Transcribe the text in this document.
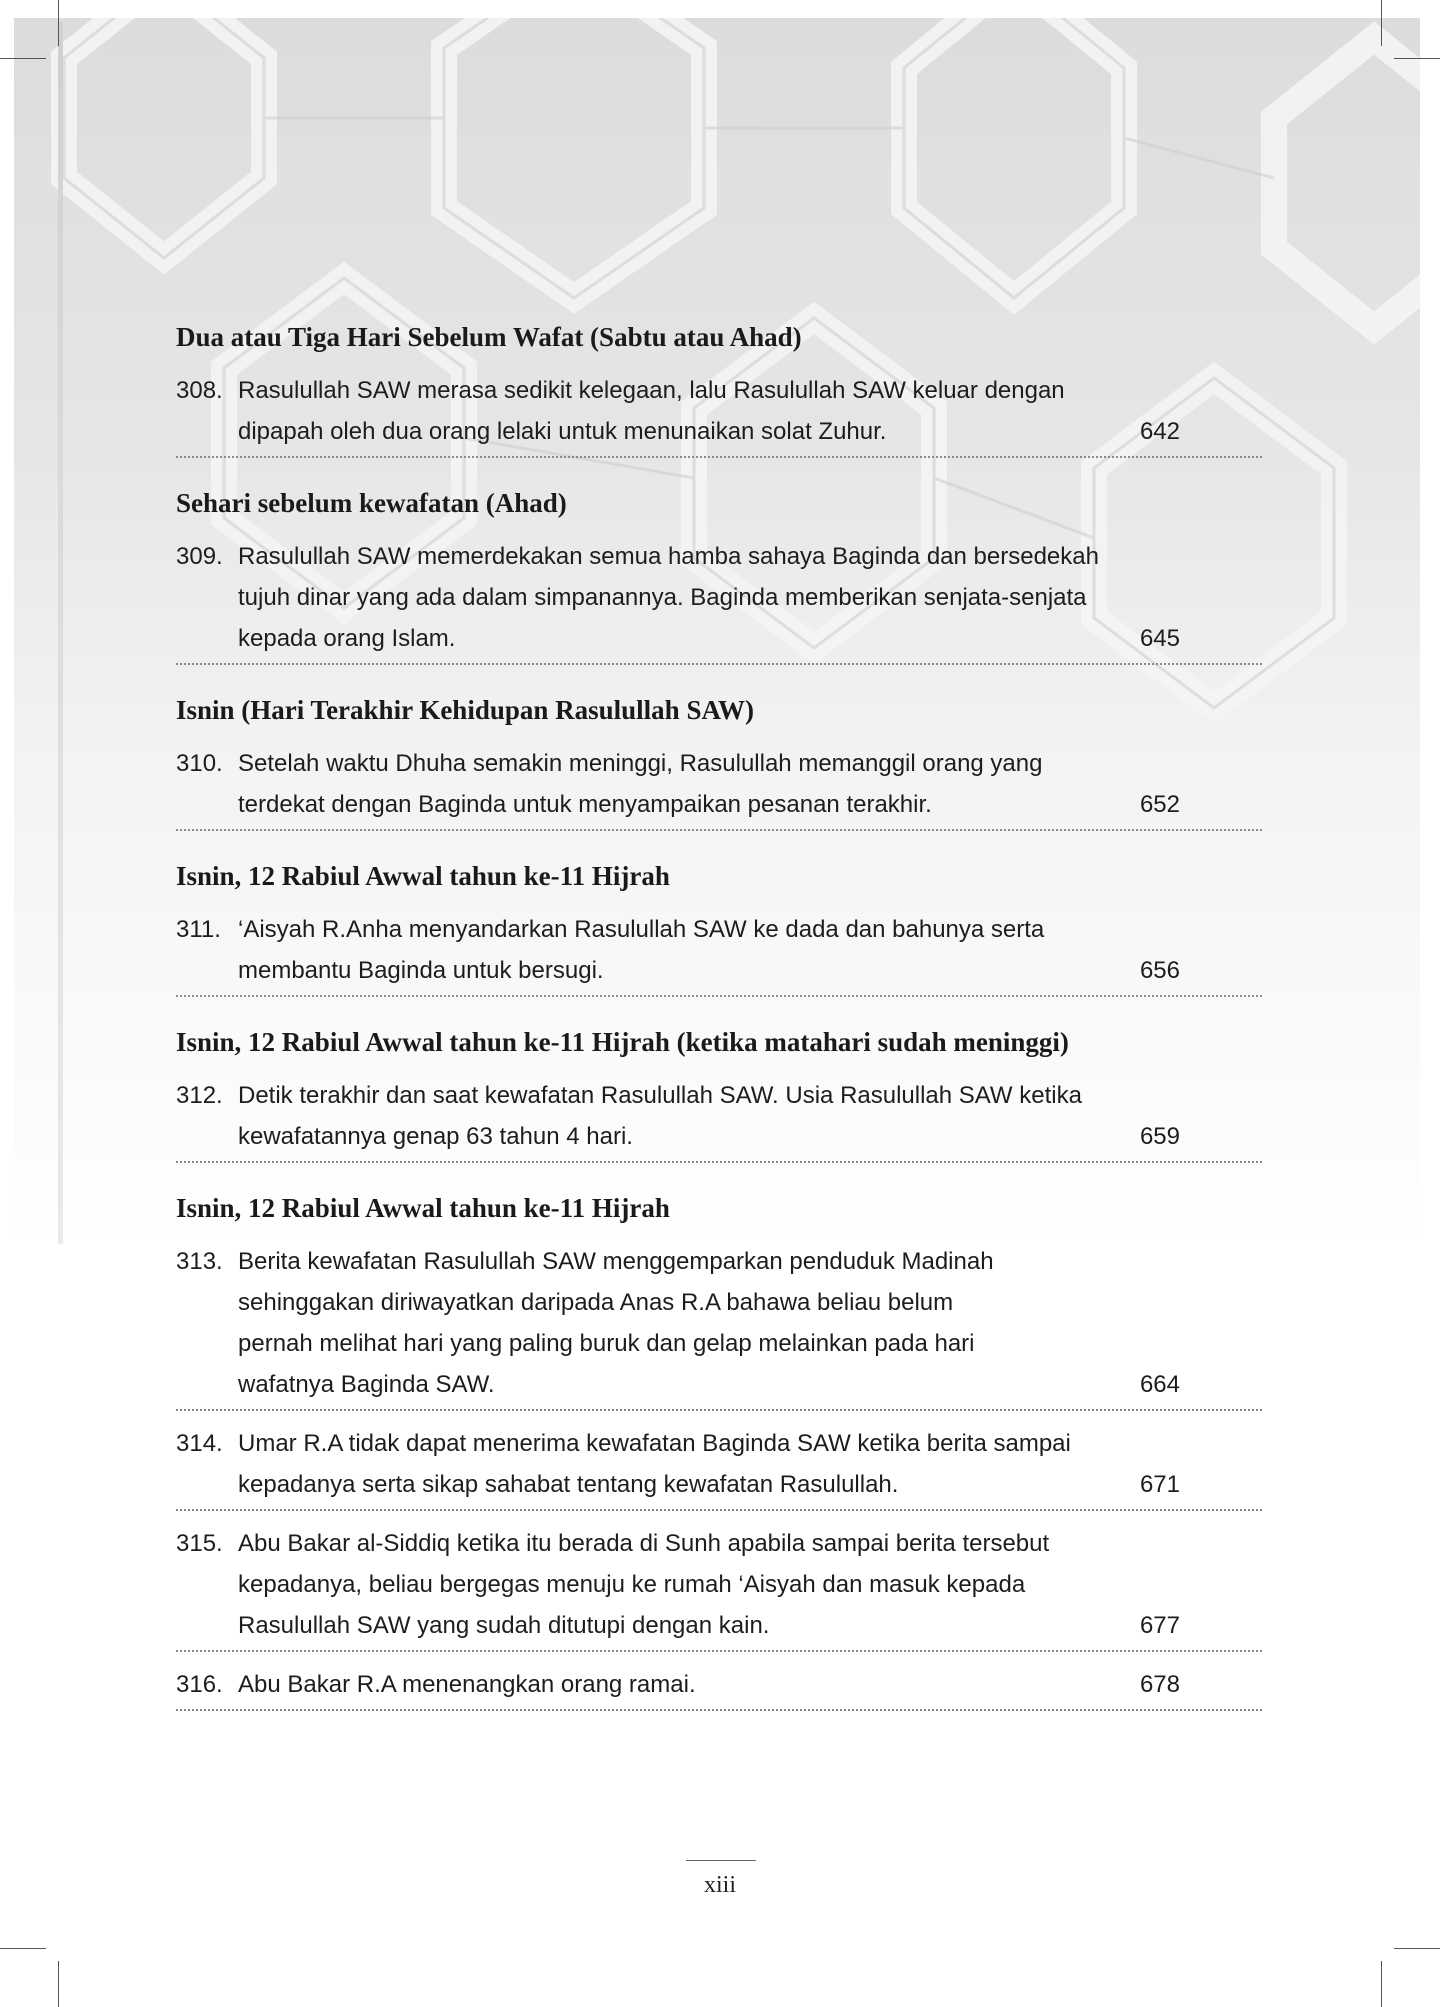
Dua atau Tiga Hari Sebelum Wafat (Sabtu atau Ahad)
308. Rasulullah SAW merasa sedikit kelegaan, lalu Rasulullah SAW keluar dengan
dipapah oleh dua orang lelaki untuk menunaikan solat Zuhur.	642
Sehari sebelum kewafatan (Ahad)
309. Rasulullah SAW memerdekakan semua hamba sahaya Baginda dan bersedekah
tujuh dinar yang ada dalam simpanannya. Baginda memberikan senjata-senjata
kepada orang Islam.	645
Isnin (Hari Terakhir Kehidupan Rasulullah SAW)
310. Setelah waktu Dhuha semakin meninggi, Rasulullah memanggil orang yang
terdekat dengan Baginda untuk menyampaikan pesanan terakhir.	652
Isnin, 12 Rabiul Awwal tahun ke-11 Hijrah
311. ‘Aisyah R.Anha menyandarkan Rasulullah SAW ke dada dan bahunya serta
membantu Baginda untuk bersugi.	656
Isnin, 12 Rabiul Awwal tahun ke-11 Hijrah (ketika matahari sudah meninggi)
312. Detik terakhir dan saat kewafatan Rasulullah SAW. Usia Rasulullah SAW ketika
kewafatannya genap 63 tahun 4 hari.	659
Isnin, 12 Rabiul Awwal tahun ke-11 Hijrah
313. Berita kewafatan Rasulullah SAW menggemparkan penduduk Madinah
sehinggakan diriwayatkan daripada Anas R.A bahawa beliau belum
pernah melihat hari yang paling buruk dan gelap melainkan pada hari
wafatnya Baginda SAW.	664
314. Umar R.A tidak dapat menerima kewafatan Baginda SAW ketika berita sampai
kepadanya serta sikap sahabat tentang kewafatan Rasulullah.	671
315. Abu Bakar al-Siddiq ketika itu berada di Sunh apabila sampai berita tersebut
kepadanya, beliau bergegas menuju ke rumah ‘Aisyah dan masuk kepada
Rasulullah SAW yang sudah ditutupi dengan kain.	677
316. Abu Bakar R.A menenangkan orang ramai.	678
xiii
